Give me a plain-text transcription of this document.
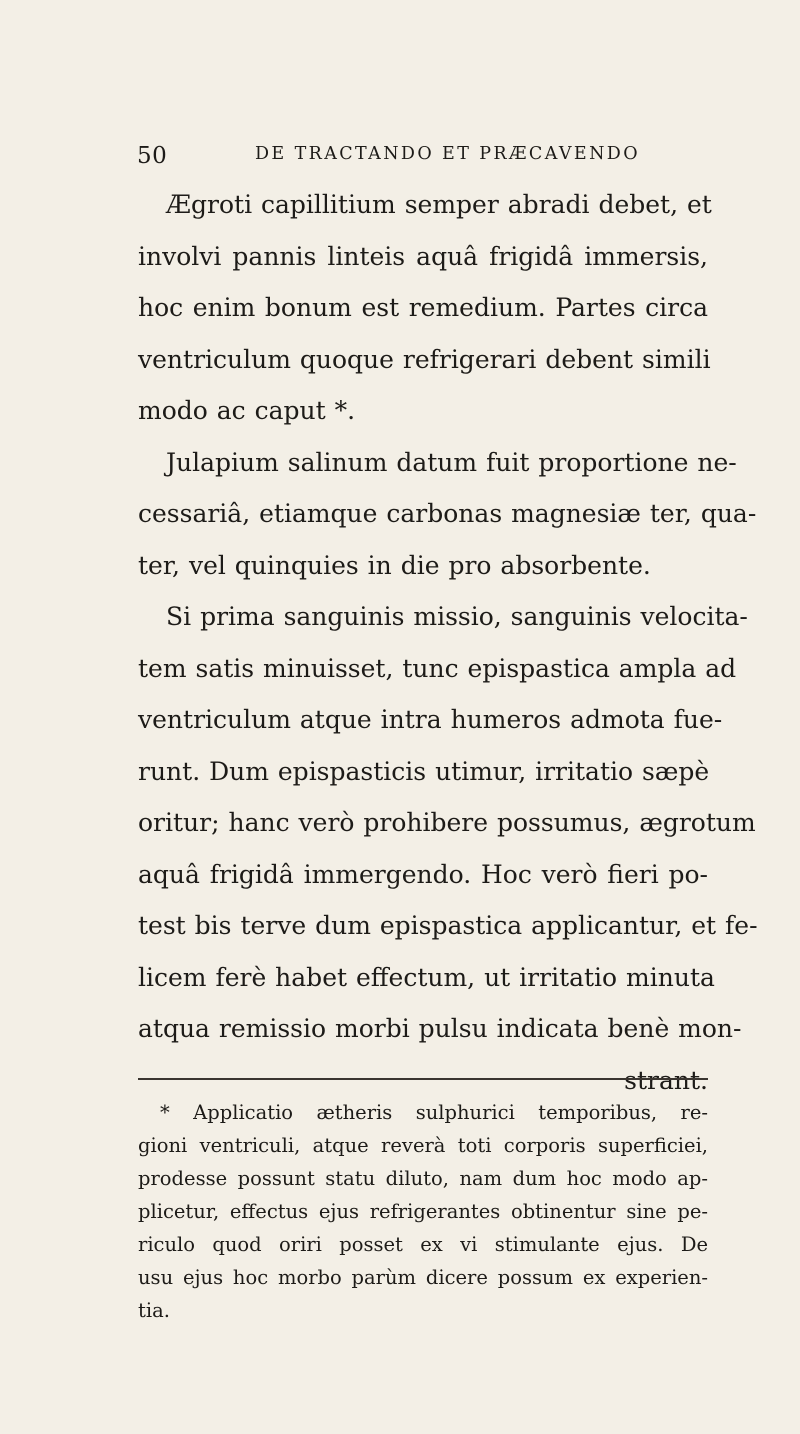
50	DE TRACTANDO ET PRÆCAVENDO
Ægroti capillitium semper abradi debet, et
involvi pannis linteis aquâ frigidâ immersis,
hoc enim bonum est remedium. Partes circa
ventriculum quoque refrigerari debent simili
modo ac caput *.
Julapium salinum datum fuit proportione ne-
cessariâ, etiamque carbonas magnesiæ ter, qua-
ter, vel quinquies in die pro absorbente.
Si prima sanguinis missio, sanguinis velocita-
tem satis minuisset, tunc epispastica ampla ad
ventriculum atque intra humeros admota fue-
runt. Dum epispasticis utimur, irritatio sæpè
oritur; hanc verò prohibere possumus, ægrotum
aquâ frigidâ immergendo. Hoc verò fieri po-
test bis terve dum epispastica applicantur, et fe-
licem ferè habet effectum, ut irritatio minuta
atqua remissio morbi pulsu indicata benè mon-
strant.
* Applicatio ætheris sulphurici temporibus, re-
gioni ventriculi, atque reverà toti corporis superficiei,
prodesse possunt statu diluto, nam dum hoc modo ap-
plicetur, effectus ejus refrigerantes obtinentur sine pe-
riculo quod oriri posset ex vi stimulante ejus. De
usu ejus hoc morbo parùm dicere possum ex experien-
tia.
